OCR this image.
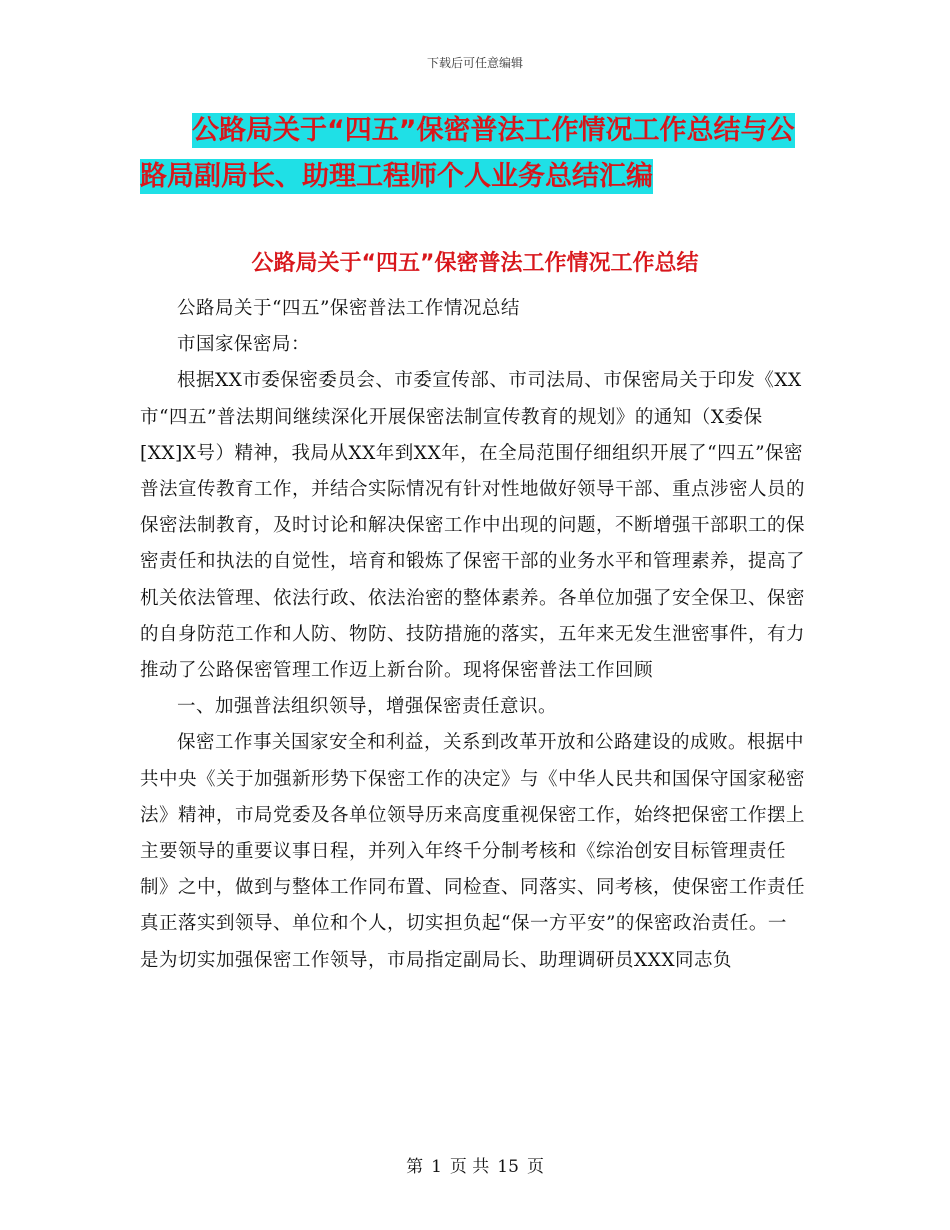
下载后可任意编辑
公路局关于“四五”保密普法工作情况工作总结与公
路局副局长、助理工程师个人业务总结汇编
公路局关于“四五”保密普法工作情况工作总结

公路局关于“四五”保密普法工作情况总结

市国家保密局：

根据XX市委保密委员会、市委宣传部、市司法局、市保密局关于印发《XX市“四五”普法期间继续深化开展保密法制宣传教育的规划》的通知（X委保[XX]X号）精神，我局从XX年到XX年，在全局范围仔细组织开展了“四五”保密普法宣传教育工作，并结合实际情况有针对性地做好领导干部、重点涉密人员的保密法制教育，及时讨论和解决保密工作中出现的问题，不断增强干部职工的保密责任和执法的自觉性，培育和锻炼了保密干部的业务水平和管理素养，提高了机关依法管理、依法行政、依法治密的整体素养。各单位加强了安全保卫、保密的自身防范工作和人防、物防、技防措施的落实，五年来无发生泄密事件，有力推动了公路保密管理工作迈上新台阶。现将保密普法工作回顾

一、加强普法组织领导，增强保密责任意识。

保密工作事关国家安全和利益，关系到改革开放和公路建设的成败。根据中共中央《关于加强新形势下保密工作的决定》与《中华人民共和国保守国家秘密法》精神，市局党委及各单位领导历来高度重视保密工作，始终把保密工作摆上主要领导的重要议事日程，并列入年终千分制考核和《综治创安目标管理责任制》之中，做到与整体工作同布置、同检查、同落实、同考核，使保密工作责任真正落实到领导、单位和个人，切实担负起“保一方平安”的保密政治责任。一是为切实加强保密工作领导，市局指定副局长、助理调研员XXX同志负

第 1 页 共 15 页
